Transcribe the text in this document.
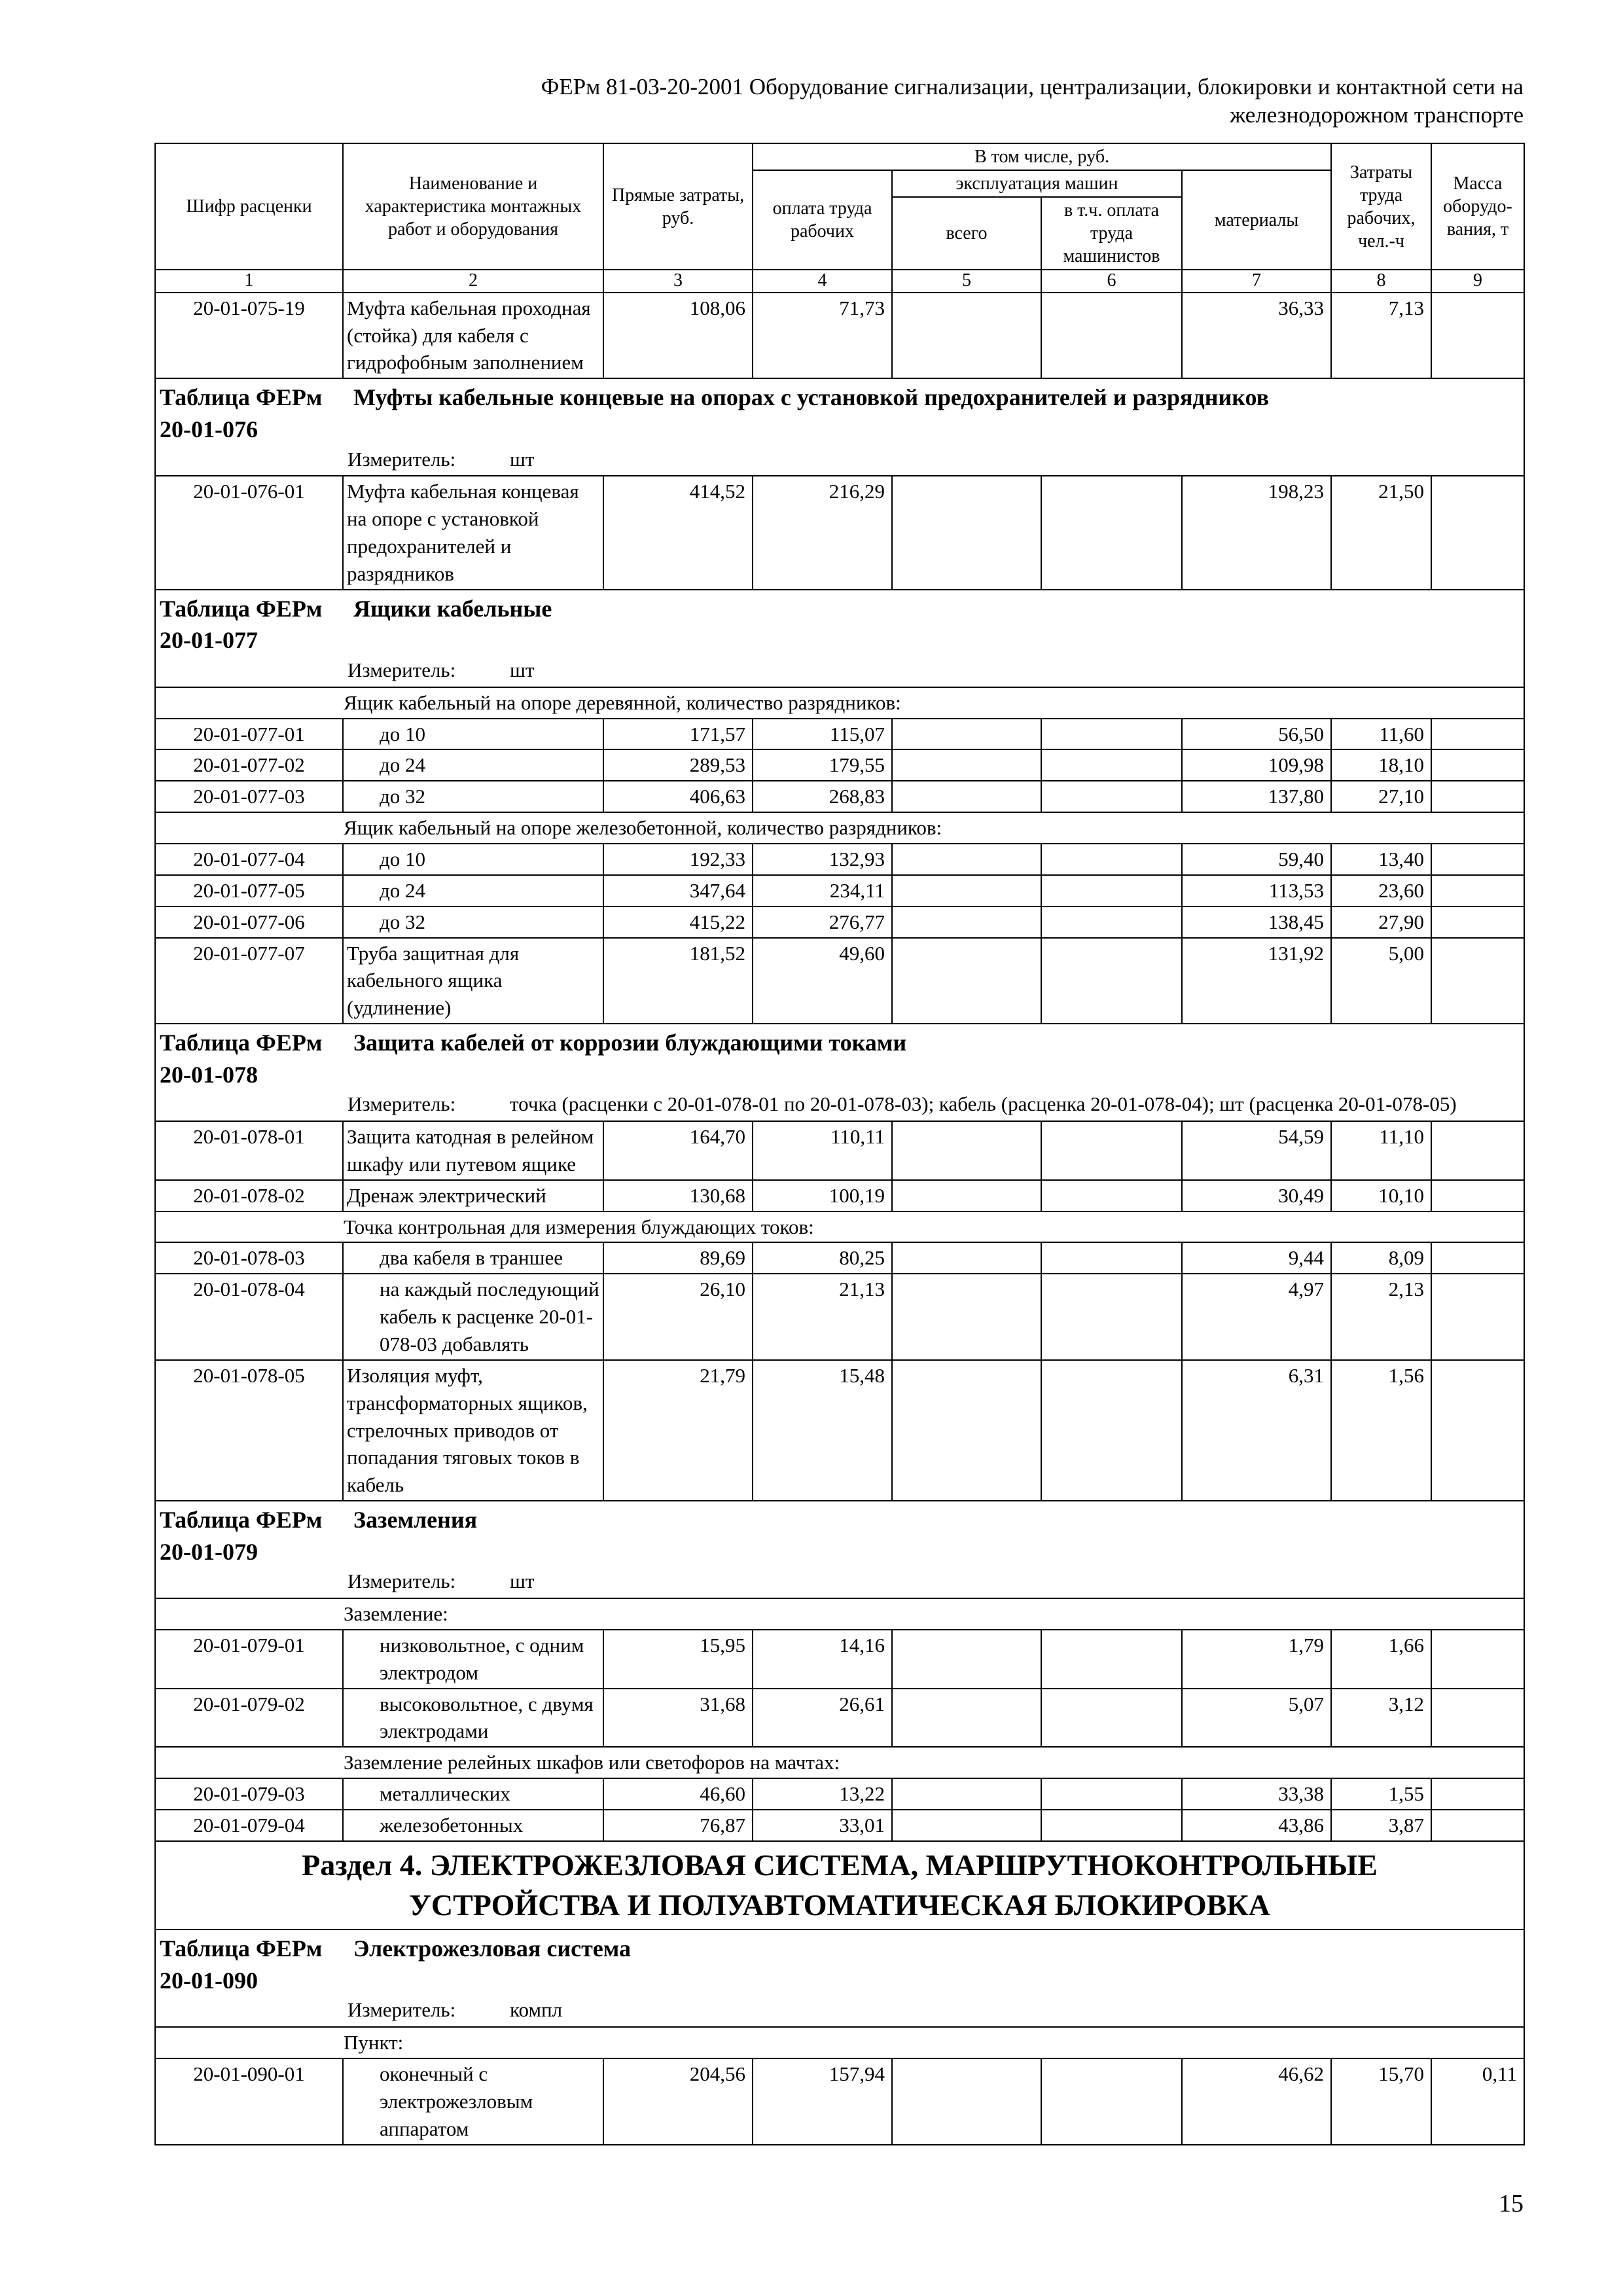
ФЕРм 81-03-20-2001 Оборудование сигнализации, централизации, блокировки и контактной сети на
железнодорожном транспорте
Шифр расценки	Наименование и характеристика монтажных работ и оборудования	Прямые затраты, руб.	В том числе, руб.				Затраты труда рабочих, чел.-ч	Масса оборудо-вания, т
			оплата труда рабочих	эксплуатация машин		материалы		
				всего	в т.ч. оплата труда машинистов			
1	2	3	4	5	6	7	8	9
20-01-075-19	Муфта кабельная проходная (стойка) для кабеля с гидрофобным заполнением	108,06	71,73			36,33	7,13	
Таблица ФЕРм 20-01-076Муфты кабельные концевые на опорах с установкой предохранителей и разрядников
Измеритель: шт								

20-01-076-01	Муфта кабельная концевая на опоре с установкой предохранителей и разрядников	414,52	216,29			198,23	21,50	
Таблица ФЕРм 20-01-077Ящики кабельные
Измеритель: шт								

Ящик кабельный на опоре деревянной, количество разрядников:								
20-01-077-01	до 10	171,57	115,07			56,50	11,60	
20-01-077-02	до 24	289,53	179,55			109,98	18,10	
20-01-077-03	до 32	406,63	268,83			137,80	27,10	
Ящик кабельный на опоре железобетонной, количество разрядников:								
20-01-077-04	до 10	192,33	132,93			59,40	13,40	
20-01-077-05	до 24	347,64	234,11			113,53	23,60	
20-01-077-06	до 32	415,22	276,77			138,45	27,90	
20-01-077-07	Труба защитная для кабельного ящика (удлинение)	181,52	49,60			131,92	5,00	
Таблица ФЕРм 20-01-078Защита кабелей от коррозии блуждающими токами
Измеритель: точка (расценки с 20-01-078-01 по 20-01-078-03); кабель (расценка 20-01-078-04); шт (расценка 20-01-078-05)								

20-01-078-01	Защита катодная в релейном шкафу или путевом ящике	164,70	110,11			54,59	11,10	
20-01-078-02	Дренаж электрический	130,68	100,19			30,49	10,10	
Точка контрольная для измерения блуждающих токов:								
20-01-078-03	два кабеля в траншее	89,69	80,25			9,44	8,09	
20-01-078-04	на каждый последующий кабель к расценке 20-01-078-03 добавлять	26,10	21,13			4,97	2,13	
20-01-078-05	Изоляция муфт, трансформаторных ящиков, стрелочных приводов от попадания тяговых токов в кабель	21,79	15,48			6,31	1,56	
Таблица ФЕРм 20-01-079Заземления
Измеритель: шт								

Заземление:								
20-01-079-01	низковольтное, с одним электродом	15,95	14,16			1,79	1,66	
20-01-079-02	высоковольтное, с двумя электродами	31,68	26,61			5,07	3,12	
Заземление релейных шкафов или светофоров на мачтах:								
20-01-079-03	металлических	46,60	13,22			33,38	1,55	
20-01-079-04	железобетонных	76,87	33,01			43,86	3,87	

Раздел 4. ЭЛЕКТРОЖЕЗЛОВАЯ СИСТЕМА, МАРШРУТНОКОНТРОЛЬНЫЕ
УСТРОЙСТВА И ПОЛУАВТОМАТИЧЕСКАЯ БЛОКИРОВКА								

Таблица ФЕРм 20-01-090Электрожезловая система
Измеритель: компл								

Пункт:								
20-01-090-01	оконечный с электрожезловым аппаратом	204,56	157,94			46,62	15,70	0,11
15
